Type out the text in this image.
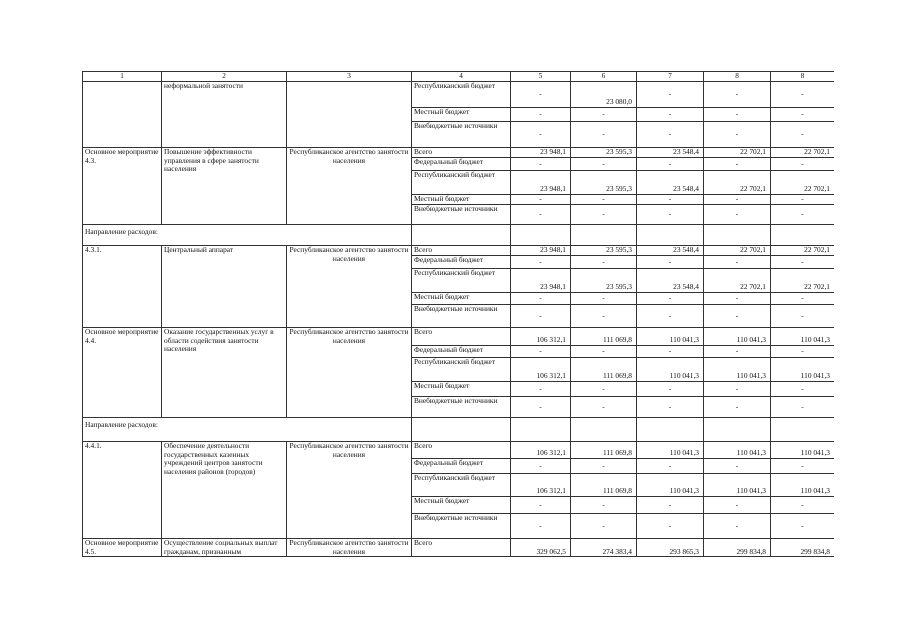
1	2	3	4	5	6	7	8	8
	неформальной занятости		Республиканский бюджет	-	23 080,0	-	-	-
			Местный бюджет	-	-	-	-	-
			Внебюджетные источники	-	-	-	-	-
Основное мероприятие 4.3.	Повышение эффективности управления в сфере занятости населения	Республиканское агентство занятости населения	Всего	23 948,1	23 595,3	23 548,4	22 702,1	22 702,1
			Федеральный бюджет	-	-	-	-	-
			Республиканский бюджет	23 948,1	23 595,3	23 548,4	22 702,1	22 702,1
			Местный бюджет	-	-	-	-	-
			Внебюджетные источники	-	-	-	-	-
Направление расходов:								
4.3.1.	Центральный аппарат	Республиканское агентство занятости населения	Всего	23 948,1	23 595,3	23 548,4	22 702,1	22 702,1
			Федеральный бюджет	-	-	-	-	-
			Республиканский бюджет	23 948,1	23 595,3	23 548,4	22 702,1	22 702,1
			Местный бюджет	-	-	-	-	-
			Внебюджетные источники	-	-	-	-	-
Основное мероприятие 4.4.	Оказание государственных услуг в области содействия занятости населения	Республиканское агентство занятости населения	Всего	106 312,1	111 069,8	110 041,3	110 041,3	110 041,3
			Федеральный бюджет	-	-	-	-	-
			Республиканский бюджет	106 312,1	111 069,8	110 041,3	110 041,3	110 041,3
			Местный бюджет	-	-	-	-	-
			Внебюджетные источники	-	-	-	-	-
Направление расходов:								
4.4.1.	Обеспечение деятельности государственных казенных учреждений центров занятости населения районов (городов)	Республиканское агентство занятости населения	Всего	106 312,1	111 069,8	110 041,3	110 041,3	110 041,3
			Федеральный бюджет	-	-	-	-	-
			Республиканский бюджет	106 312,1	111 069,8	110 041,3	110 041,3	110 041,3
			Местный бюджет	-	-	-	-	-
			Внебюджетные источники	-	-	-	-	-
Основное мероприятие 4.5.	Осуществление социальных выплат гражданам, признанным	Республиканское агентство занятости населения	Всего	329 062,5	274 383,4	293 865,3	299 834,8	299 834,8
